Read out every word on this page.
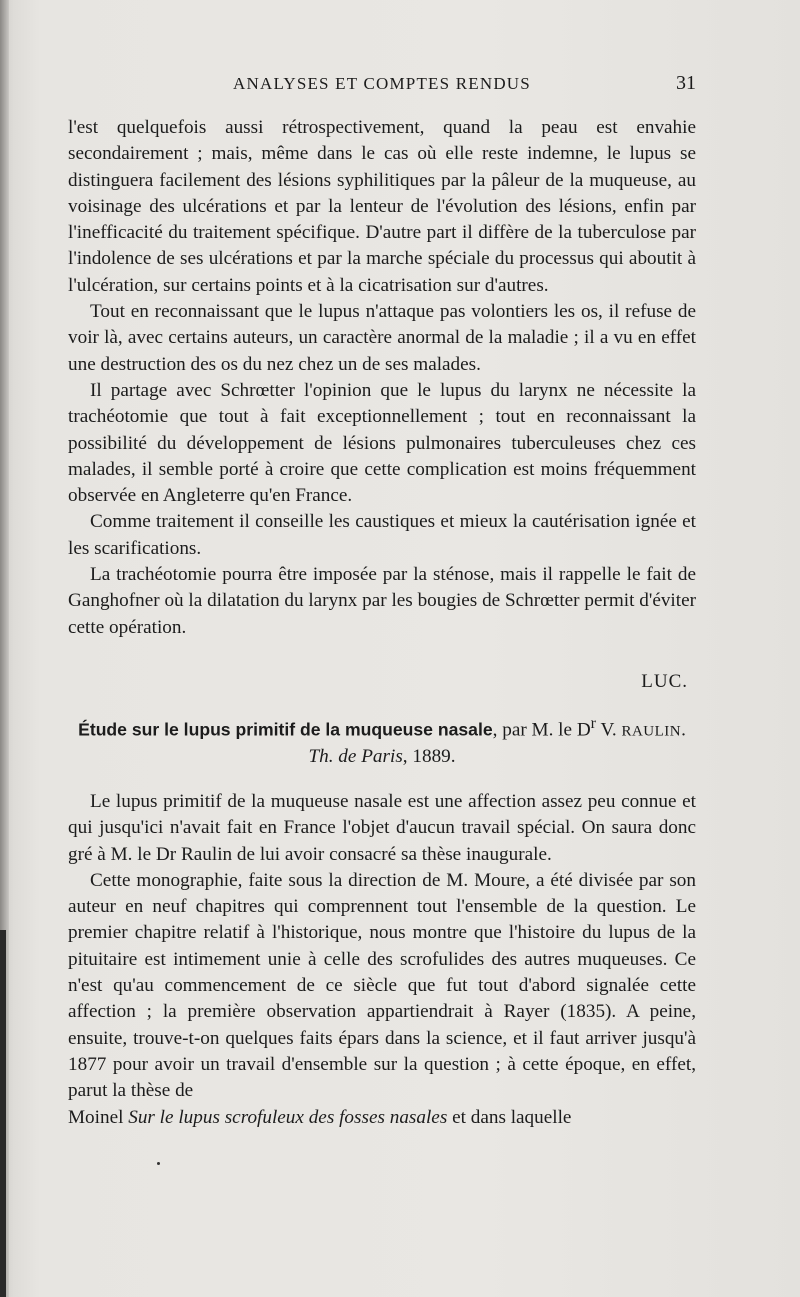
ANALYSES ET COMPTES RENDUS	31

l'est quelquefois aussi rétrospectivement, quand la peau est envahie secondairement ; mais, même dans le cas où elle reste indemne, le lupus se distinguera facilement des lésions syphilitiques par la pâleur de la muqueuse, au voisinage des ulcérations et par la lenteur de l'évolution des lésions, enfin par l'inefficacité du traitement spécifique. D'autre part il diffère de la tuberculose par l'indolence de ses ulcérations et par la marche spéciale du processus qui aboutit à l'ulcération, sur certains points et à la cicatrisation sur d'autres.

Tout en reconnaissant que le lupus n'attaque pas volontiers les os, il refuse de voir là, avec certains auteurs, un caractère anormal de la maladie ; il a vu en effet une destruction des os du nez chez un de ses malades.

Il partage avec Schrœtter l'opinion que le lupus du larynx ne nécessite la trachéotomie que tout à fait exceptionnellement ; tout en reconnaissant la possibilité du développement de lésions pulmonaires tuberculeuses chez ces malades, il semble porté à croire que cette complication est moins fréquemment observée en Angleterre qu'en France.

Comme traitement il conseille les caustiques et mieux la cautérisation ignée et les scarifications.

La trachéotomie pourra être imposée par la sténose, mais il rappelle le fait de Ganghofner où la dilatation du larynx par les bougies de Schrœtter permit d'éviter cette opération.

LUC.
Étude sur le lupus primitif de la muqueuse nasale, par M. le $D^r$ V. RAULIN. Th. de Paris, 1889.

Le lupus primitif de la muqueuse nasale est une affection assez peu connue et qui jusqu'ici n'avait fait en France l'objet d'aucun travail spécial. On saura donc gré à M. le Dr Raulin de lui avoir consacré sa thèse inaugurale.

Cette monographie, faite sous la direction de M. Moure, a été divisée par son auteur en neuf chapitres qui comprennent tout l'ensemble de la question. Le premier chapitre relatif à l'historique, nous montre que l'histoire du lupus de la pituitaire est intimement unie à celle des scrofulides des autres muqueuses. Ce n'est qu'au commencement de ce siècle que fut tout d'abord signalée cette affection ; la première observation appartiendrait à Rayer (1835). A peine, ensuite, trouve-t-on quelques faits épars dans la science, et il faut arriver jusqu'à 1877 pour avoir un travail d'ensemble sur la question ; à cette époque, en effet, parut la thèse de

Moinel Sur le lupus scrofuleux des fosses nasales et dans laquelle
